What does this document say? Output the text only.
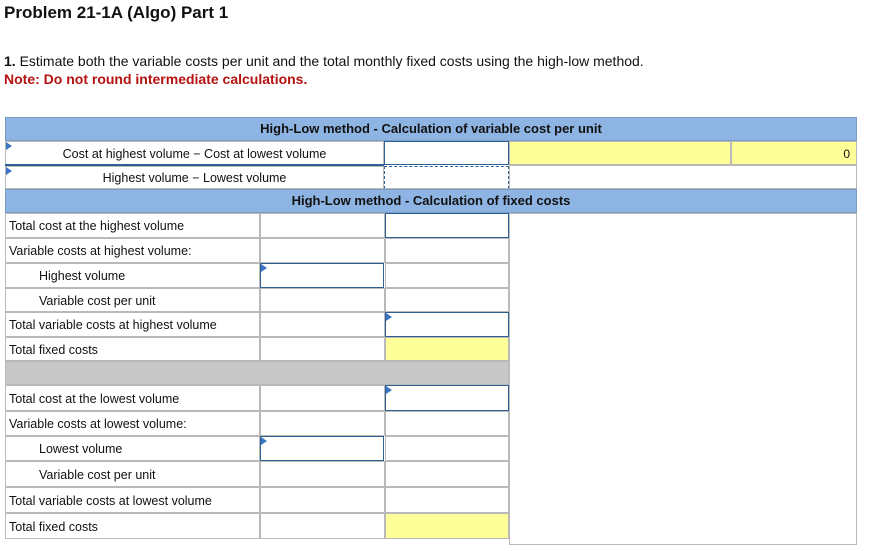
Problem 21-1A (Algo) Part 1
1. Estimate both the variable costs per unit and the total monthly fixed costs using the high-low method.
Note: Do not round intermediate calculations.
High-Low method - Calculation of variable cost per unit
Cost at highest volume − Cost at lowest volume
Highest volume − Lowest volume
0
High-Low method - Calculation of fixed costs
Total cost at the highest volume
Variable costs at highest volume:
Highest volume
Variable cost per unit
Total variable costs at highest volume
Total fixed costs
Total cost at the lowest volume
Variable costs at lowest volume:
Lowest volume
Variable cost per unit
Total variable costs at lowest volume
Total fixed costs
